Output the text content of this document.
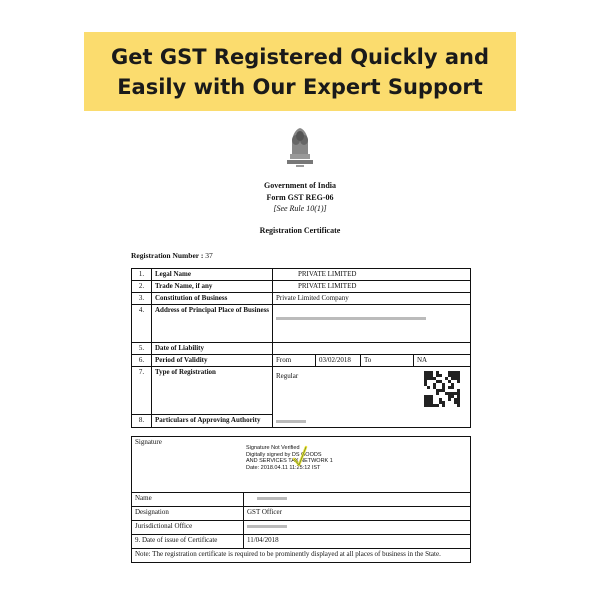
Get GST Registered Quickly and
Easily with Our Expert Support
Government of India
Form GST REG-06
[See Rule 10(1)]
Registration Certificate
Registration Number : 37
1.	Legal Name	PRIVATE LIMITED			
2.	Trade Name, if any	PRIVATE LIMITED			
3.	Constitution of Business	Private Limited Company			
4.	Address of Principal Place of Business				

5.	Date of Liability				
6.	Period of Validity	From	03/02/2018	To	NA
7.	Type of Registration	Regular			

8.	Particulars of Approving Authority				
Signature
Signature Not Verified
Digitally signed by DS GOODS
AND SERVICES TAX NETWORK 1
Date: 2018.04.11 11:25:12 IST	

Name	
Designation	GST Officer
Jurisdictional Office	
9. Date of issue of Certificate	11/04/2018
Note: The registration certificate is required to be prominently displayed at all places of business in the State.	
